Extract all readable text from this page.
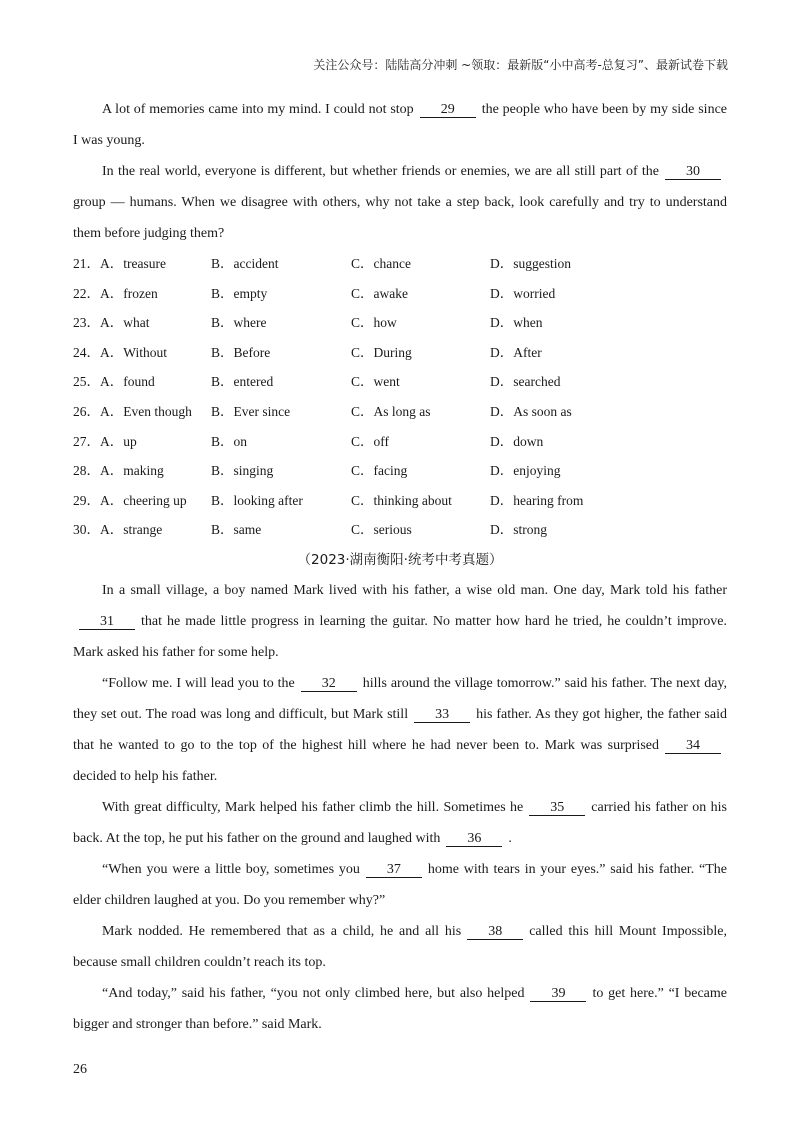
关注公众号：陆陆高分冲刺 ~领取：最新版“小中高考-总复习”、最新试卷下载

A lot of memories came into my mind. I could not stop 29 the people who have been by my side since I was young.

In the real world, everyone is different, but whether friends or enemies, we are all still part of the 30group — humans. When we disagree with others, why not take a step back, look carefully and try to understand them before judging them?

21．A．treasure	B．accident	C．chance	D．suggestion
22．A．frozen	B．empty	C．awake	D．worried
23．A．what	B．where	C．how	D．when
24．A．Without	B．Before	C．During	D．After
25．A．found	B．entered	C．went	D．searched
26．A．Even though	B．Ever since	C．As long as	D．As soon as
27．A．up	B．on	C．off	D．down
28．A．making	B．singing	C．facing	D．enjoying
29．A．cheering up	B．looking after	C．thinking about	D．hearing from
30．A．strange	B．same	C．serious	D．strong
（2023·湖南衡阳·统考中考真题）

In a small village, a boy named Mark lived with his father, a wise old man. One day, Mark told his father31 that he made little progress in learning the guitar. No matter how hard he tried, he couldn’t improve. Mark asked his father for some help.

“Follow me. I will lead you to the 32 hills around the village tomorrow.” said his father. The next day, they set out. The road was long and difficult, but Mark still 33 his father. As they got higher, the father said that he wanted to go to the top of the highest hill where he had never been to. Mark was surprised 34decided to help his father.

With great difficulty, Mark helped his father climb the hill. Sometimes he 35 carried his father on his back. At the top, he put his father on the ground and laughed with 36 .

“When you were a little boy, sometimes you 37 home with tears in your eyes.” said his father. “The elder children laughed at you. Do you remember why?”

Mark nodded. He remembered that as a child, he and all his 38 called this hill Mount Impossible, because small children couldn’t reach its top.

“And today,” said his father, “you not only climbed here, but also helped 39 to get here.” “I became bigger and stronger than before.” said Mark.

26
